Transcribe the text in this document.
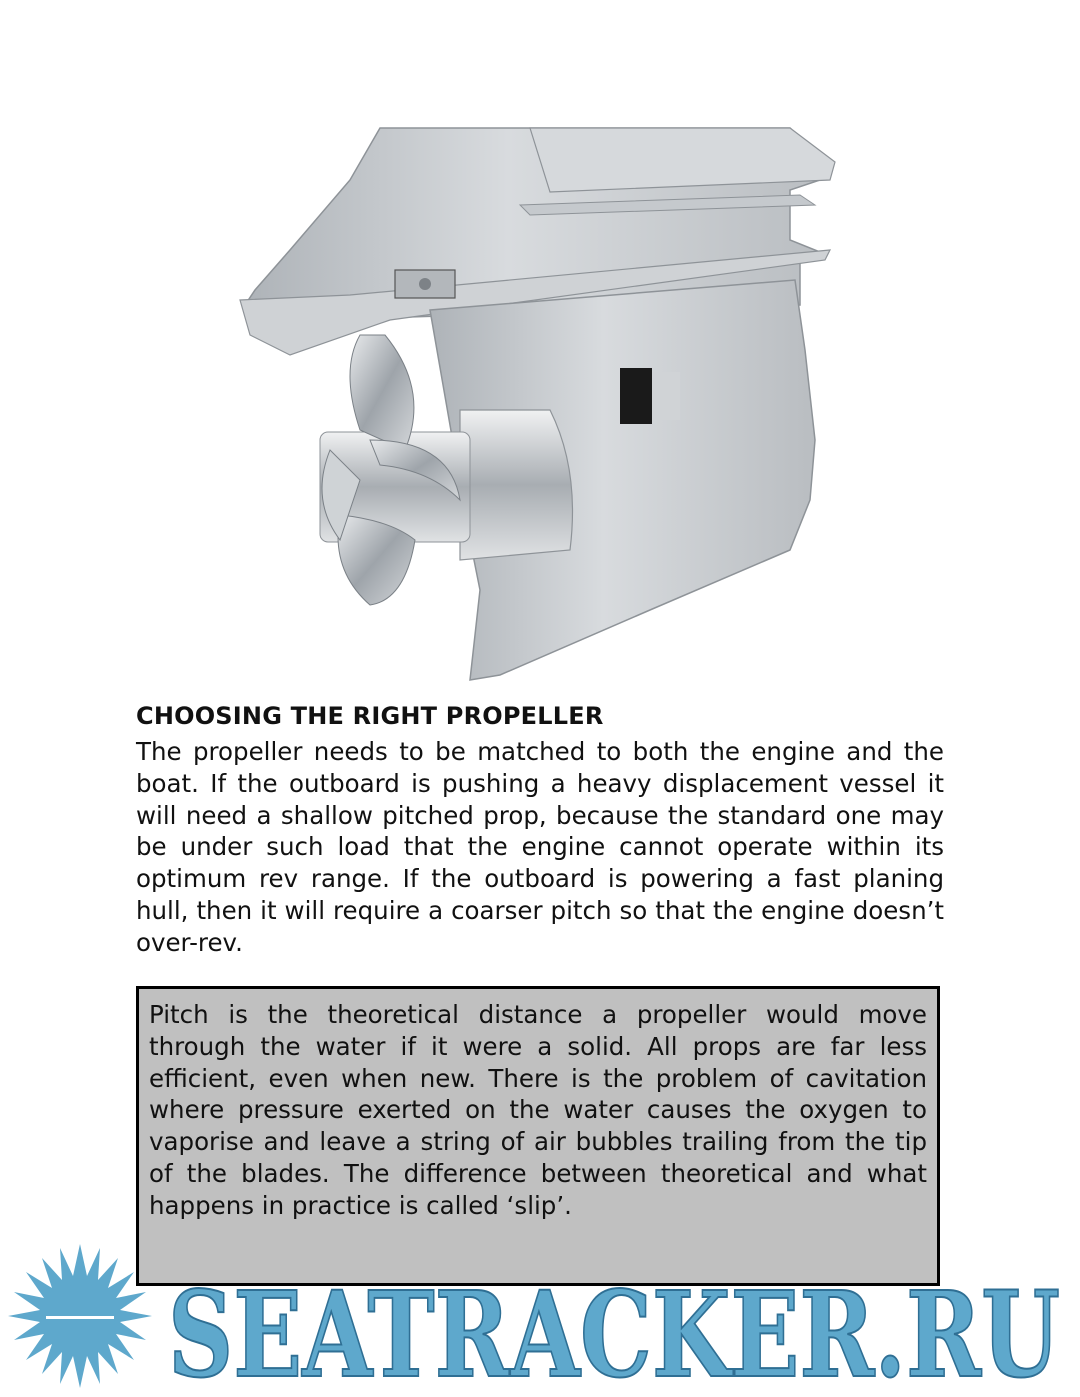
CHOOSING THE RIGHT PROPELLER

The propeller needs to be matched to both the engine and the boat. If the outboard is pushing a heavy displacement vessel it will need a shallow pitched prop, because the standard one may be under such load that the engine cannot operate within its optimum rev range. If the outboard is powering a fast planing hull, then it will require a coarser pitch so that the engine doesn’t over-rev.

Pitch is the theoretical distance a propeller would move through the water if it were a solid. All props are far less efficient, even when new. There is the problem of cavitation where pressure exerted on the water causes the oxygen to vaporise and leave a string of air bubbles trailing from the tip of the blades. The difference between theoretical and what happens in practice is called ‘slip’.

SEATRACKER.RU
